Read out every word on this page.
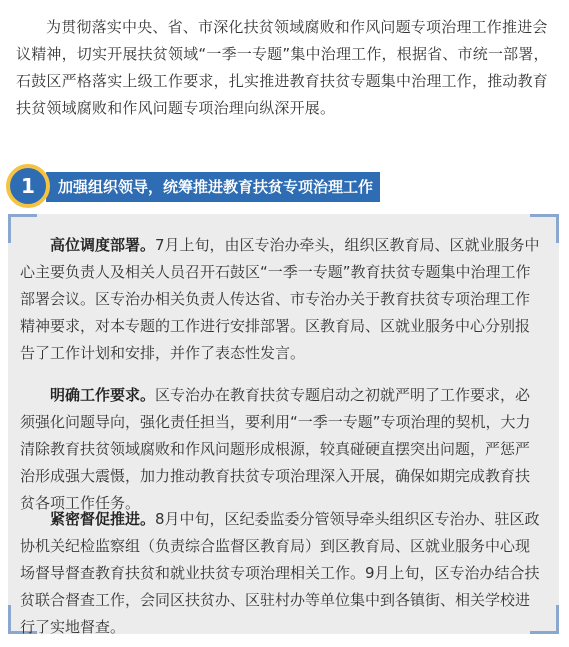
为贯彻落实中央、省、市深化扶贫领域腐败和作风问题专项治理工作推进会议精神，切实开展扶贫领域“一季一专题”集中治理工作，根据省、市统一部署，石鼓区严格落实上级工作要求，扎实推进教育扶贫专题集中治理工作，推动教育扶贫领域腐败和作风问题专项治理向纵深开展。

1	加强组织领导，统筹推进教育扶贫专项治理工作

高位调度部署。7月上旬，由区专治办牵头，组织区教育局、区就业服务中心主要负责人及相关人员召开石鼓区“一季一专题”教育扶贫专题集中治理工作部署会议。区专治办相关负责人传达省、市专治办关于教育扶贫专项治理工作精神要求，对本专题的工作进行安排部署。区教育局、区就业服务中心分别报告了工作计划和安排，并作了表态性发言。

明确工作要求。区专治办在教育扶贫专题启动之初就严明了工作要求，必须强化问题导向，强化责任担当，要利用“一季一专题”专项治理的契机，大力清除教育扶贫领域腐败和作风问题形成根源，较真碰硬直摆突出问题，严惩严治形成强大震慑，加力推动教育扶贫专项治理深入开展，确保如期完成教育扶贫各项工作任务。

紧密督促推进。8月中旬，区纪委监委分管领导牵头组织区专治办、驻区政协机关纪检监察组（负责综合监督区教育局）到区教育局、区就业服务中心现场督导督查教育扶贫和就业扶贫专项治理相关工作。9月上旬，区专治办结合扶贫联合督查工作，会同区扶贫办、区驻村办等单位集中到各镇街、相关学校进行了实地督查。
